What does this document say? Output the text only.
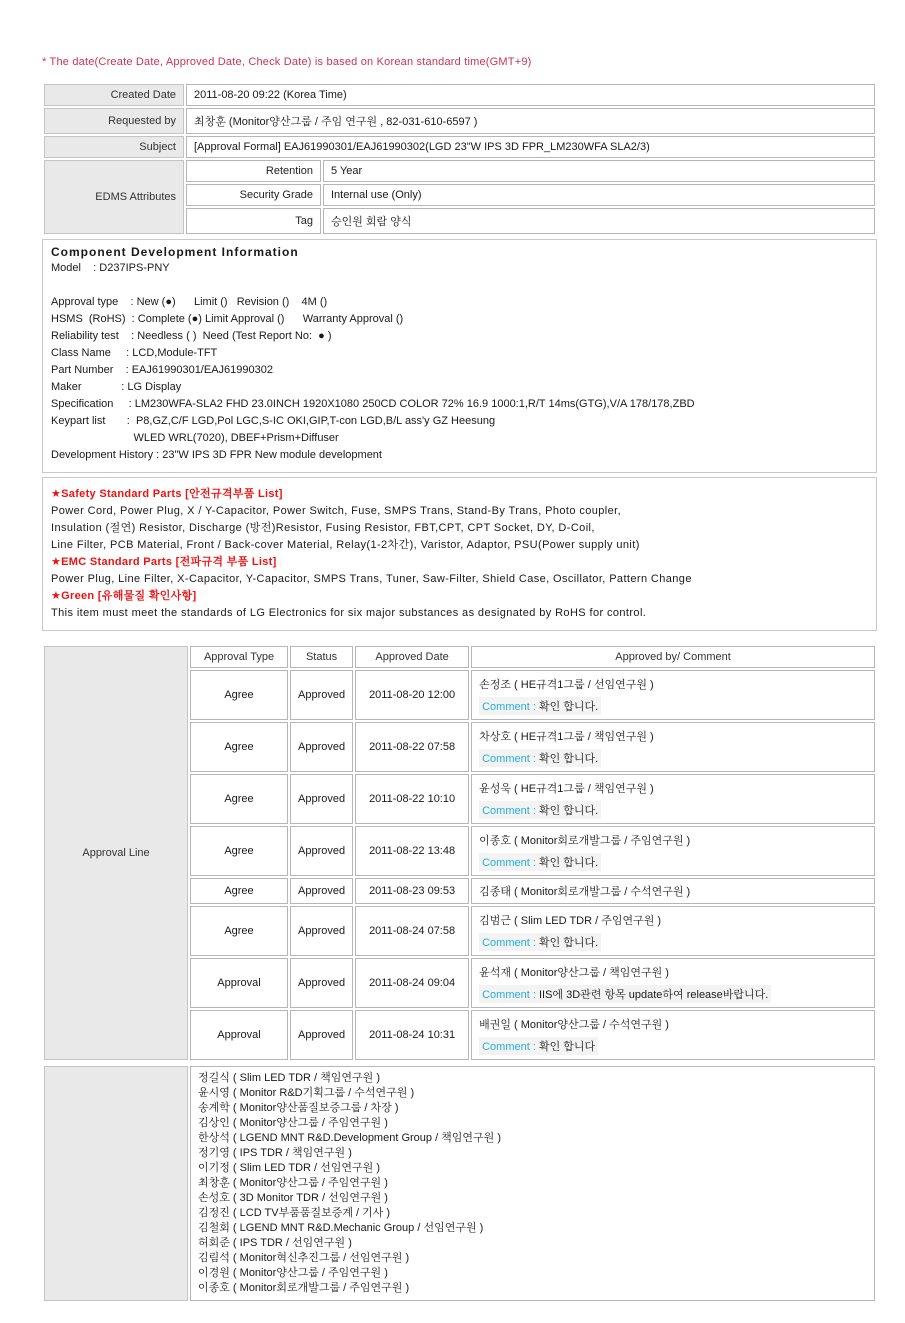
* The date(Create Date, Approved Date, Check Date) is based on Korean standard time(GMT+9)
Created Date	2011-08-20 09:22 (Korea Time)	
Requested by	최창훈 (Monitor양산그룹 / 주임 연구원 , 82-031-610-6597 )	
Subject	[Approval Formal] EAJ61990301/EAJ61990302(LGD 23"W IPS 3D FPR_LM230WFA SLA2/3)	
EDMS Attributes	Retention	5 Year
	Security Grade	Internal use (Only)
	Tag	승인원 회람 양식
Component Development Information
Model    : D237IPS-PNY
Approval type    : New (●)      Limit ()   Revision ()    4M ()
HSMS  (RoHS)  : Complete (●) Limit Approval ()      Warranty Approval ()
Reliability test    : Needless ( )  Need (Test Report No:  ● )
Class Name     : LCD,Module-TFT
Part Number    : EAJ61990301/EAJ61990302
Maker             : LG Display
Specification     : LM230WFA-SLA2 FHD 23.0INCH 1920X1080 250CD COLOR 72% 16.9 1000:1,R/T 14ms(GTG),V/A 178/178,ZBD
Keypart list       :  P8,GZ,C/F LGD,Pol LGC,S-IC OKI,GIP,T-con LGD,B/L ass'y GZ Heesung
WLED WRL(7020), DBEF+Prism+Diffuser
Development History : 23"W IPS 3D FPR New module development
★Safety Standard Parts [안전규격부품 List]
Power Cord, Power Plug, X / Y-Capacitor, Power Switch, Fuse, SMPS Trans, Stand-By Trans, Photo coupler,
Insulation (절연) Resistor, Discharge (방전)Resistor, Fusing Resistor, FBT,CPT, CPT Socket, DY, D-Coil,
Line Filter, PCB Material, Front / Back-cover Material, Relay(1-2차간), Varistor, Adaptor, PSU(Power supply unit)
★EMC Standard Parts [전파규격 부품 List]
Power Plug, Line Filter, X-Capacitor, Y-Capacitor, SMPS Trans, Tuner, Saw-Filter, Shield Case, Oscillator, Pattern Change
★Green [유해물질 확인사항]
This item must meet the standards of LG Electronics for six major substances as designated by RoHS for control.
Approval Line	Approval Type	Status	Approved Date	Approved by/ Comment
	Agree	Approved	2011-08-20 12:00	손정조 ( HE규격1그룹 / 선임연구원 )
Comment : 확인 합니다.

	Agree	Approved	2011-08-22 07:58	차상호 ( HE규격1그룹 / 책임연구원 )
Comment : 확인 합니다.

	Agree	Approved	2011-08-22 10:10	윤성욱 ( HE규격1그룹 / 책임연구원 )
Comment : 확인 합니다.

	Agree	Approved	2011-08-22 13:48	이종호 ( Monitor회로개발그룹 / 주임연구원 )
Comment : 확인 합니다.

	Agree	Approved	2011-08-23 09:53	김종태 ( Monitor회로개발그룹 / 수석연구원 )

	Agree	Approved	2011-08-24 07:58	김범근 ( Slim LED TDR / 주임연구원 )
Comment : 확인 합니다.

	Approval	Approved	2011-08-24 09:04	윤석재 ( Monitor양산그룹 / 책임연구원 )
Comment : IIS에 3D관련 항목 update하여 release바랍니다.

	Approval	Approved	2011-08-24 10:31	배권일 ( Monitor양산그룹 / 수석연구원 )
Comment : 확인 합니다

정길식 ( Slim LED TDR / 책임연구원 )
윤시영 ( Monitor R&D기획그룹 / 수석연구원 )
송계학 ( Monitor양산품질보증그룹 / 차장 )
김상인 ( Monitor양산그룹 / 주임연구원 )
한상석 ( LGEND MNT R&D.Development Group / 책임연구원 )
정기영 ( IPS TDR / 책임연구원 )
이기정 ( Slim LED TDR / 선임연구원 )
최창훈 ( Monitor양산그룹 / 주임연구원 )
손성호 ( 3D Monitor TDR / 선임연구원 )
김정진 ( LCD TV부품품질보증계 / 기사 )
김철회 ( LGEND MNT R&D.Mechanic Group / 선임연구원 )
허회준 ( IPS TDR / 선임연구원 )
김림석 ( Monitor혁신추진그룹 / 선임연구원 )
이경원 ( Monitor양산그룹 / 주임연구원 )
이종호 ( Monitor회로개발그룹 / 주임연구원 )
